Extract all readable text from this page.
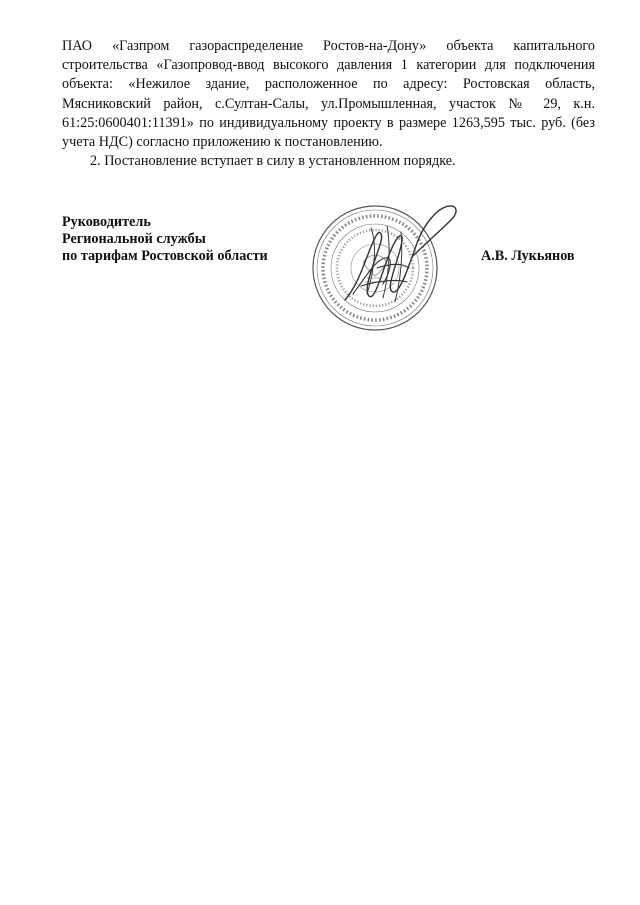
ПАО «Газпром газораспределение Ростов-на-Дону» объекта капитального строительства «Газопровод-ввод высокого давления 1 категории для подключения объекта: «Нежилое здание, расположенное по адресу: Ростовская область, Мясниковский район, с.Султан-Салы, ул.Промышленная, участок № 29, к.н. 61:25:0600401:11391» по индивидуальному проекту в размере 1263,595 тыс. руб. (без учета НДС) согласно приложению к постановлению.

2. Постановление вступает в силу в установленном порядке.

Руководитель
Региональной службы
по тарифам Ростовской области	А.В. Лукьянов
